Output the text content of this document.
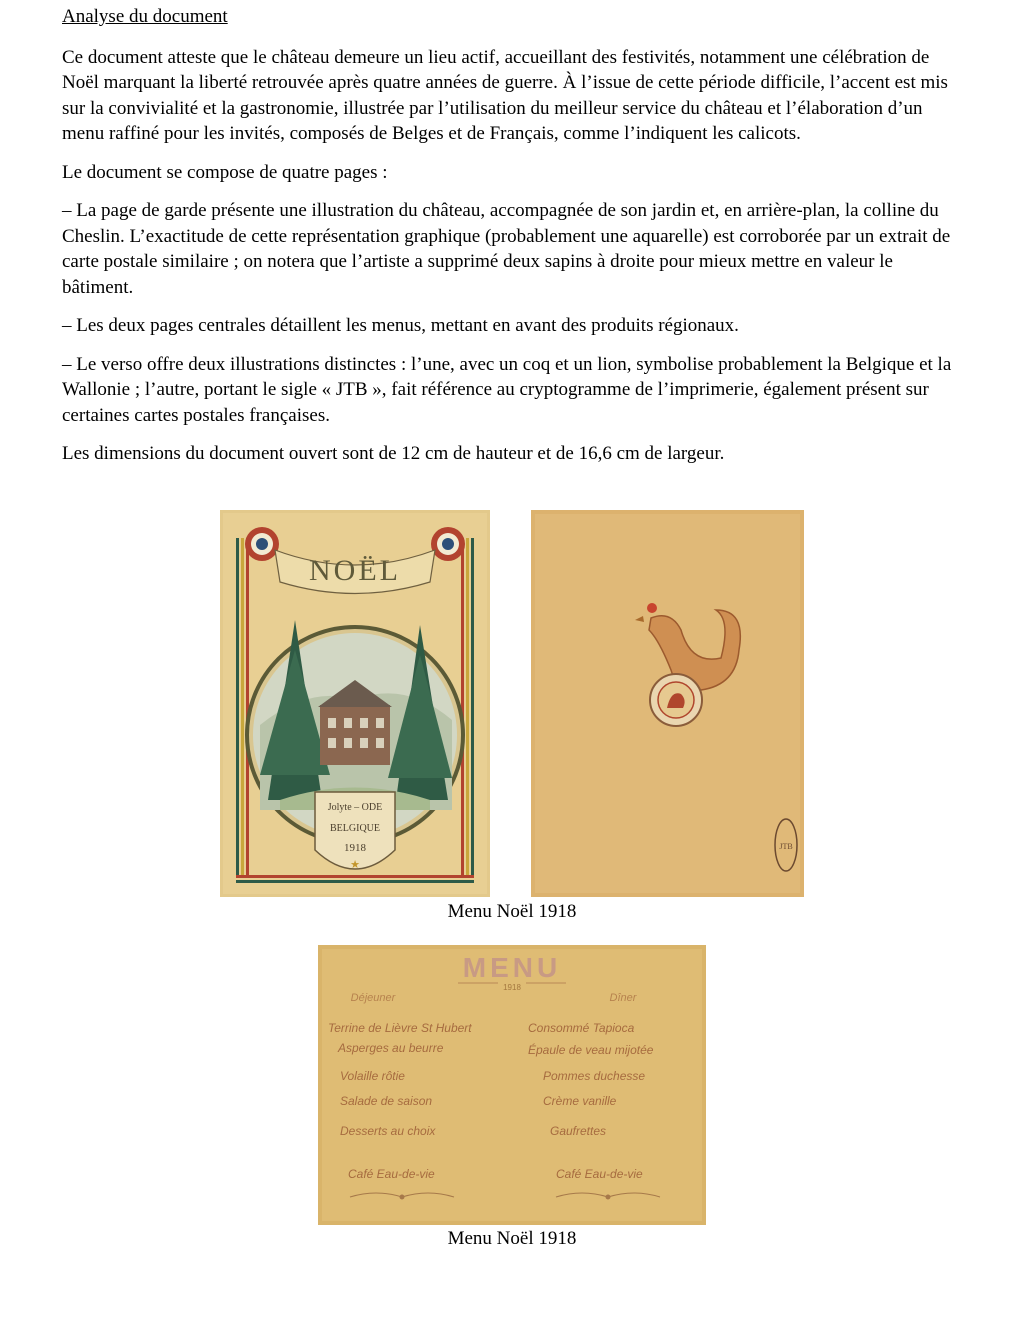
Analyse du document

Ce document atteste que le château demeure un lieu actif, accueillant des festivités, notamment une célébration de Noël marquant la liberté retrouvée après quatre années de guerre. À l’issue de cette période difficile, l’accent est mis sur la convivialité et la gastronomie, illustrée par l’utilisation du meilleur service du château et l’élaboration d’un menu raffiné pour les invités, composés de Belges et de Français, comme l’indiquent les calicots.

Le document se compose de quatre pages :

– La page de garde présente une illustration du château, accompagnée de son jardin et, en arrière-plan, la colline du Cheslin. L’exactitude de cette représentation graphique (probablement une aquarelle) est corroborée par un extrait de carte postale similaire ; on notera que l’artiste a supprimé deux sapins à droite pour mieux mettre en valeur le bâtiment.

– Les deux pages centrales détaillent les menus, mettant en avant des produits régionaux.

– Le verso offre deux illustrations distinctes : l’une, avec un coq et un lion, symbolise probablement la Belgique et la Wallonie ; l’autre, portant le sigle « JTB », fait référence au cryptogramme de l’imprimerie, également présent sur certaines cartes postales françaises.

Les dimensions du document ouvert sont de 12 cm de hauteur et de 16,6 cm de largeur.

NOËL
Jolyte – ODE
BELGIQUE
1918
★
JTB
Menu Noël 1918
MENU
1918
Déjeuner	Dîner
Terrine de Lièvre St Hubert
Asperges au beurre
Volaille rôtie
Salade de saison
Desserts au choix
Café Eau-de-vie
Consommé Tapioca
Épaule de veau mijotée
Pommes duchesse
Crème vanille
Gaufrettes
Café Eau-de-vie
Menu Noël 1918
